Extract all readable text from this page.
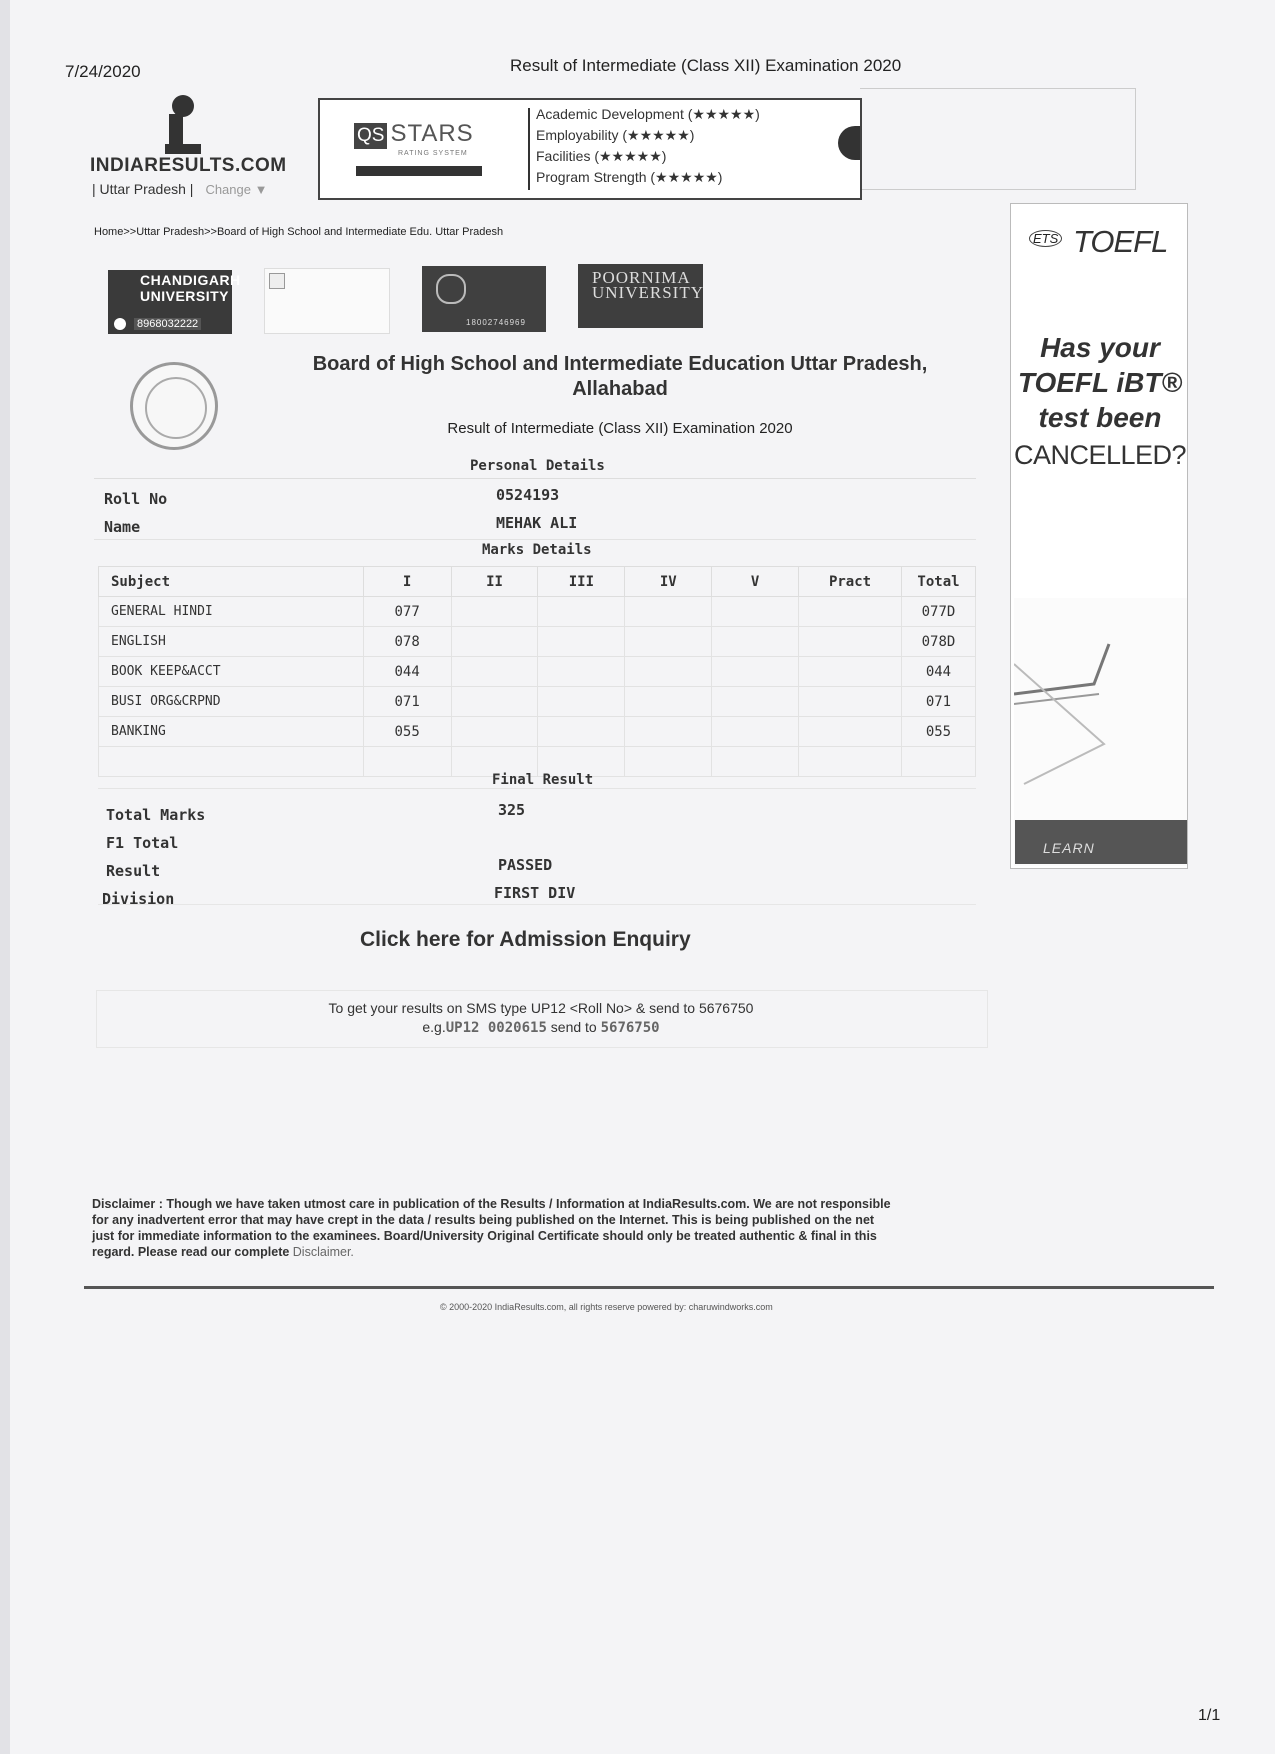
7/24/2020	Result of Intermediate (Class XII) Examination 2020
INDIARESULTS.COM
| Uttar Pradesh | Change ▼
QS STARS
RATING SYSTEM
Academic Development (★★★★★)
Employability (★★★★★)
Facilities (★★★★★)
Program Strength (★★★★★)
Home>>Uttar Pradesh>>Board of High School and Intermediate Edu. Uttar Pradesh
CHANDIGARH UNIVERSITY
8968032222	18002746969
POORNIMA UNIVERSITY
Board of High School and Intermediate Education Uttar Pradesh, Allahabad
Result of Intermediate (Class XII) Examination 2020
Personal Details
Roll No	0524193
Name	MEHAK ALI
Marks Details
Subject	I	II	III	IV	V	Pract	Total
GENERAL HINDI	077						077D
ENGLISH	078						078D
BOOK KEEP&ACCT	044						044
BUSI ORG&CRPND	071						071
BANKING	055						055

Final Result
Total Marks	325
F1 Total
Result	PASSED
Division	FIRST DIV
Click here for Admission Enquiry
To get your results on SMS type UP12 <Roll No> & send to 5676750
e.g.UP12 0020615 send to 5676750
Disclaimer : Though we have taken utmost care in publication of the Results / Information at IndiaResults.com. We are not responsible for any inadvertent error that may have crept in the data / results being published on the Internet. This is being published on the net just for immediate information to the examinees. Board/University Original Certificate should only be treated authentic & final in this regard. Please read our complete Disclaimer.
© 2000-2020 IndiaResults.com, all rights reserve powered by: charuwindworks.com
ETS TOEFL
Has your TOEFL iBT® test been
CANCELLED?
LEARN
1/1
